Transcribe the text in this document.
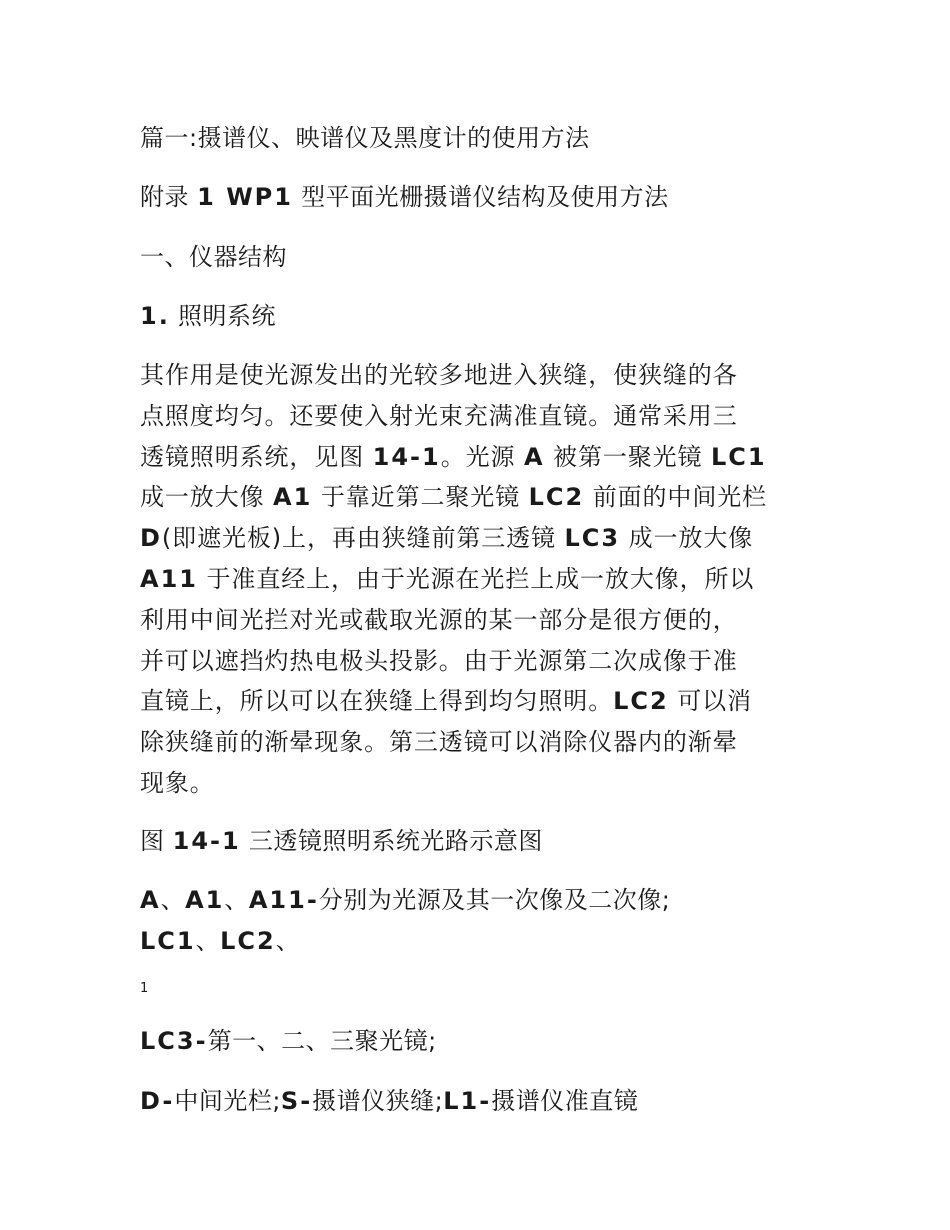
篇一:摄谱仪、映谱仪及黑度计的使用方法
附录 1 WP1 型平面光栅摄谱仪结构及使用方法
一、仪器结构
1. 照明系统
其作用是使光源发出的光较多地进入狭缝，使狭缝的各
点照度均匀。还要使入射光束充满准直镜。通常采用三
透镜照明系统，见图 14-1。光源 A 被第一聚光镜 LC1
成一放大像 A1 于靠近第二聚光镜 LC2 前面的中间光栏
D(即遮光板)上，再由狭缝前第三透镜 LC3 成一放大像
A11 于准直经上，由于光源在光拦上成一放大像，所以
利用中间光拦对光或截取光源的某一部分是很方便的，
并可以遮挡灼热电极头投影。由于光源第二次成像于准
直镜上，所以可以在狭缝上得到均匀照明。LC2 可以消
除狭缝前的渐晕现象。第三透镜可以消除仪器内的渐晕
现象。
图 14-1 三透镜照明系统光路示意图
A、A1、A11-分别为光源及其一次像及二次像;
LC1、LC2、
1
LC3-第一、二、三聚光镜;
D-中间光栏;S-摄谱仪狭缝;L1-摄谱仪准直镜
